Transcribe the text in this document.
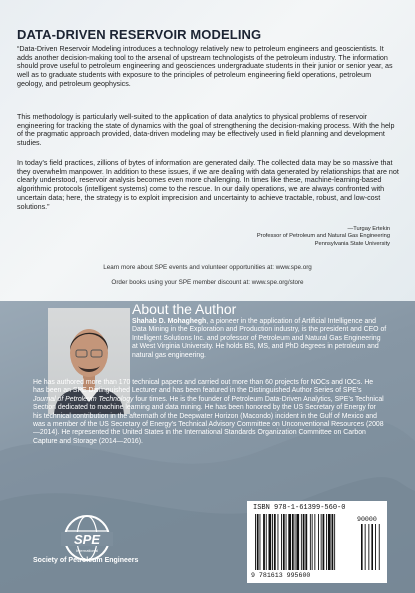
DATA-DRIVEN RESERVOIR MODELING

“Data-Driven Reservoir Modeling introduces a technology relatively new to petroleum engineers and geoscientists. It adds another decision-making tool to the arsenal of upstream technologists of the petroleum industry. The information should prove useful to petroleum engineering and geosciences undergraduate students in their junior or senior year, as well as to graduate students with exposure to the principles of petroleum engineering field operations, petroleum geology, and petroleum geophysics.

This methodology is particularly well-suited to the application of data analytics to physical problems of reservoir engineering for tracking the state of dynamics with the goal of strengthening the decision-making process. With the help of the pragmatic approach provided, data-driven modeling may be effectively used in field planning and development studies.

In today’s field practices, zillions of bytes of information are generated daily. The collected data may be so massive that they overwhelm manpower. In addition to these issues, if we are dealing with data generated by relationships that are not clearly understood, reservoir analysis becomes even more challenging. In times like these, machine-learning-based algorithmic protocols (intelligent systems) come to the rescue. In our daily operations, we are always confronted with uncertain data; here, the strategy is to exploit imprecision and uncertainty to achieve tractable, robust, and low-cost solutions.”

—Turgay Ertekin
Professor of Petroleum and Natural Gas Engineering
Pennsylvania State University
Learn more about SPE events and volunteer opportunities at: www.spe.org
Order books using your SPE member discount at: www.spe.org/store
About the Author

Shahab D. Mohaghegh, a pioneer in the application of Artificial Intelligence and Data Mining in the Exploration and Production industry, is the president and CEO of Intelligent Solutions Inc. and professor of Petroleum and Natural Gas Engineering at West Virginia University. He holds BS, MS, and PhD degrees in petroleum and natural gas engineering.

He has authored more than 170 technical papers and carried out more than 60 projects for NOCs and IOCs. He has been an SPE Distinguished Lecturer and has been featured in the Distinguished Author Series of SPE’s Journal of Petroleum Technology four times. He is the founder of Petroleum Data-Driven Analytics, SPE’s Technical Section dedicated to machine learning and data mining. He has been honored by the US Secretary of Energy for his technical contribution in the aftermath of the Deepwater Horizon (Macondo) incident in the Gulf of Mexico and was a member of the US Secretary of Energy’s Technical Advisory Committee on Unconventional Resources (2008—2014). He represented the United States in the International Standards Organization Committee on Carbon Capture and Storage (2014—2016).

SPE
International

Society of Petroleum Engineers

ISBN 978-1-61399-560-0

90000

9 781613 995600
